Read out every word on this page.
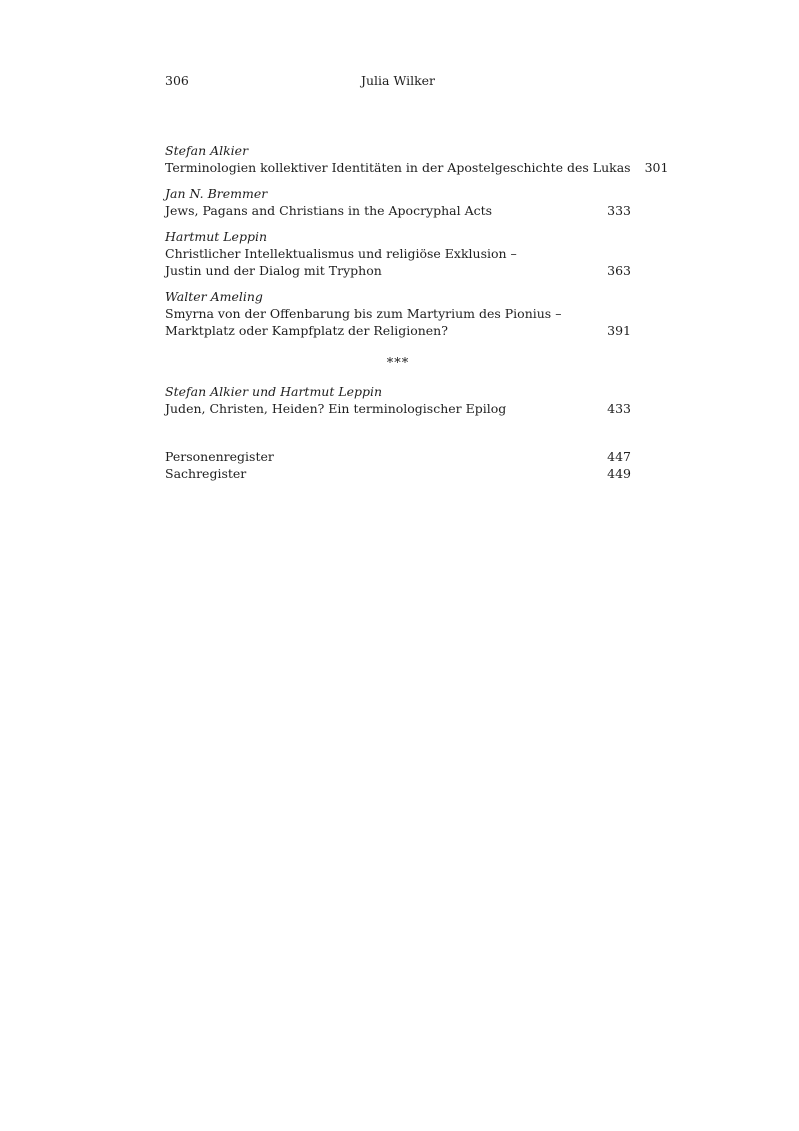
306	Julia Wilker
Stefan Alkier
Terminologien kollektiver Identitäten in der Apostelgeschichte des Lukas 301
Jan N. Bremmer
Jews, Pagans and Christians in the Apocryphal Acts	333
Hartmut Leppin
Christlicher Intellektualismus und religiöse Exklusion –
Justin und der Dialog mit Tryphon	363
Walter Ameling
Smyrna von der Offenbarung bis zum Martyrium des Pionius –
Marktplatz oder Kampfplatz der Religionen?	391
***
Stefan Alkier und Hartmut Leppin
Juden, Christen, Heiden? Ein terminologischer Epilog	433
Personenregister	447
Sachregister	449
